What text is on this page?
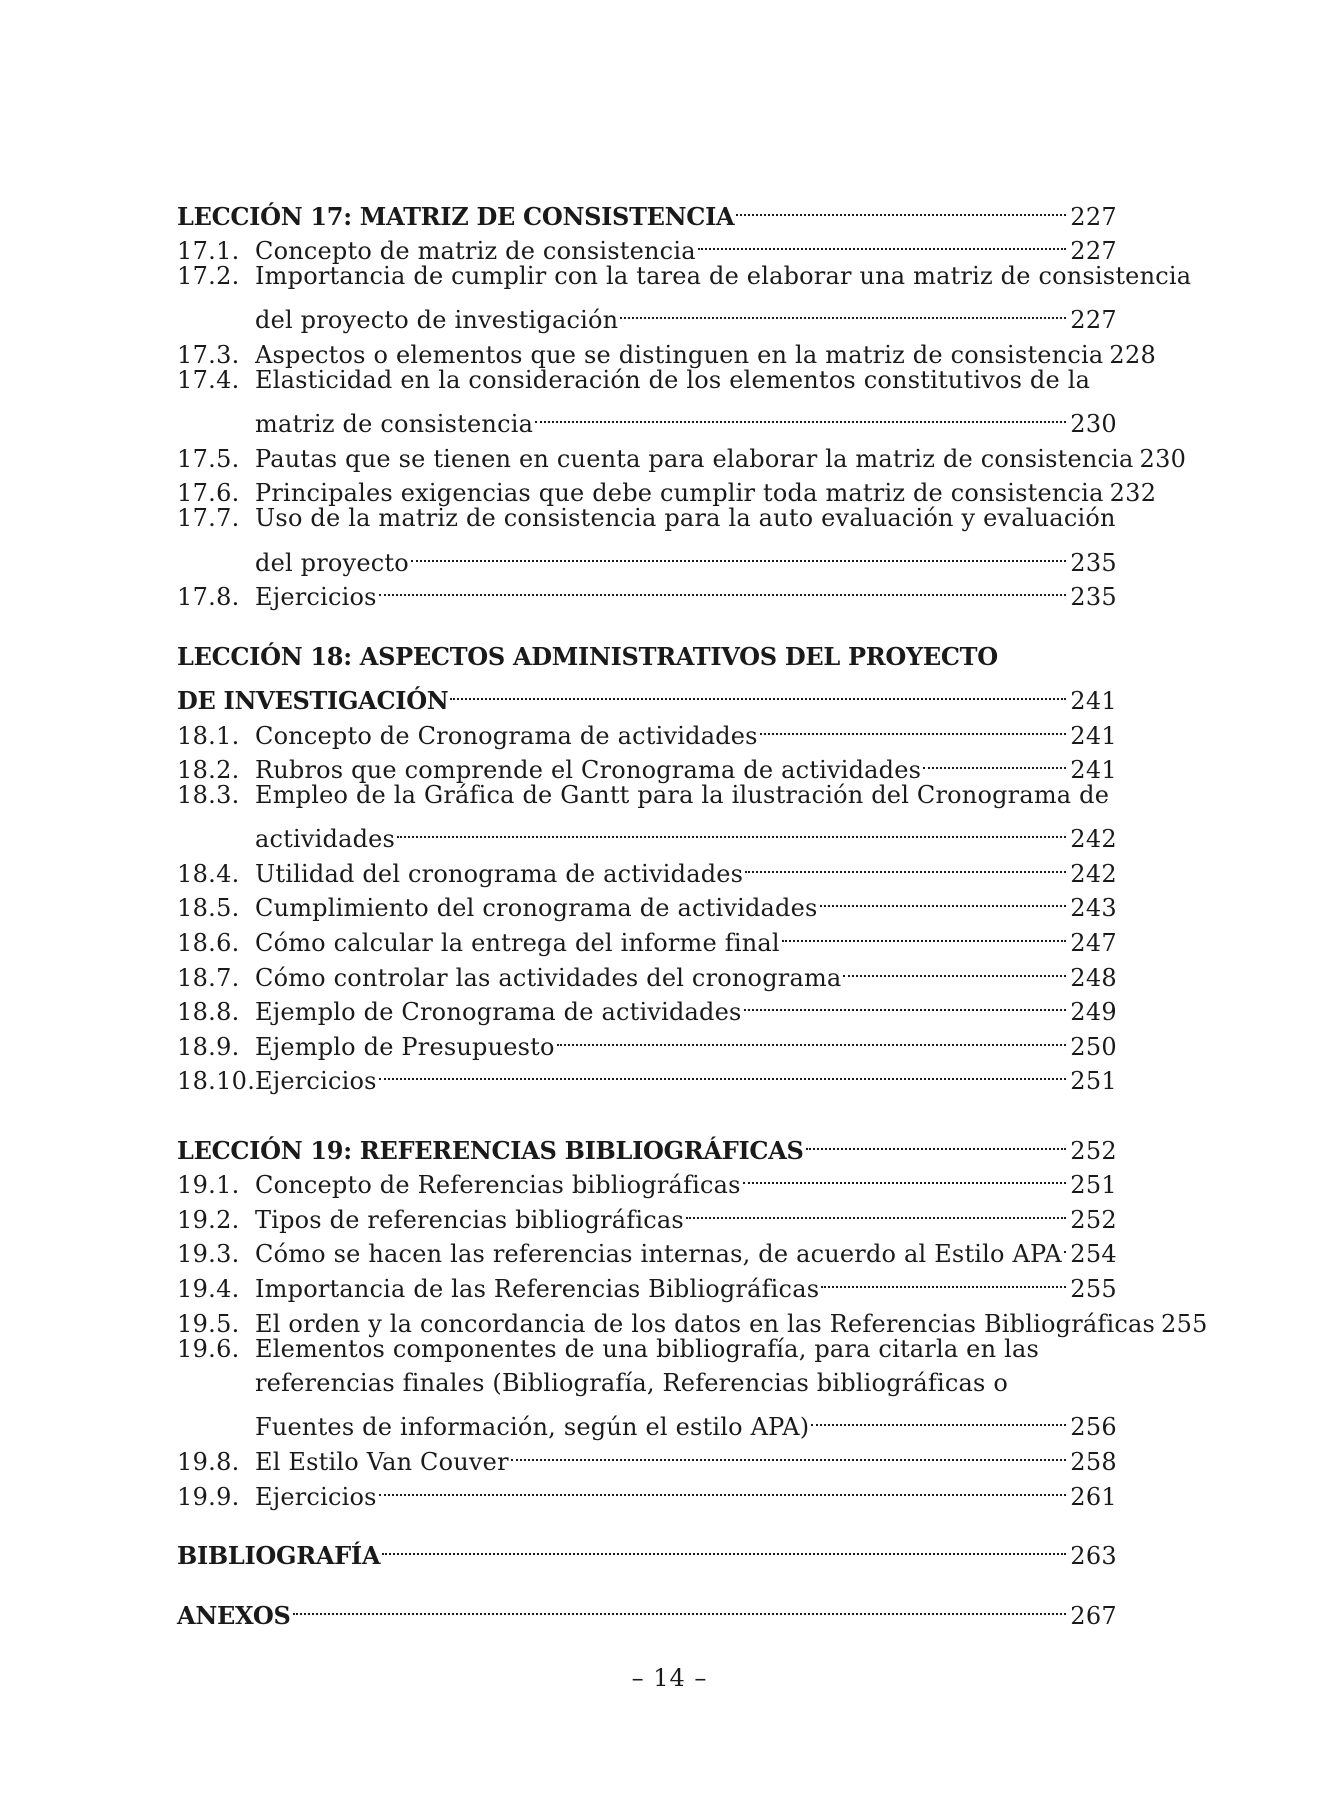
LECCIÓN 17: MATRIZ DE CONSISTENCIA	227
17.1. Concepto de matriz de consistencia	227
17.2. Importancia de cumplir con la tarea de elaborar una matriz de consistencia
del proyecto de investigación	227
17.3. Aspectos o elementos que se distinguen en la matriz de consistencia 228
17.4. Elasticidad en la consideración de los elementos constitutivos de la
matriz de consistencia	230
17.5. Pautas que se tienen en cuenta para elaborar la matriz de consistencia 230
17.6. Principales exigencias que debe cumplir toda matriz de consistencia 232
17.7. Uso de la matriz de consistencia para la auto evaluación y evaluación
del proyecto	235
17.8. Ejercicios	235
LECCIÓN 18: ASPECTOS ADMINISTRATIVOS DEL PROYECTO
DE INVESTIGACIÓN	241
18.1. Concepto de Cronograma de actividades	241
18.2. Rubros que comprende el Cronograma de actividades	241
18.3. Empleo de la Gráfica de Gantt para la ilustración del Cronograma de
actividades	242
18.4. Utilidad del cronograma de actividades	242
18.5. Cumplimiento del cronograma de actividades	243
18.6. Cómo calcular la entrega del informe final	247
18.7. Cómo controlar las actividades del cronograma	248
18.8. Ejemplo de Cronograma de actividades	249
18.9. Ejemplo de Presupuesto	250
18.10. Ejercicios	251
LECCIÓN 19: REFERENCIAS BIBLIOGRÁFICAS	252
19.1. Concepto de Referencias bibliográficas	251
19.2. Tipos de referencias bibliográficas	252
19.3. Cómo se hacen las referencias internas, de acuerdo al Estilo APA 254
19.4. Importancia de las Referencias Bibliográficas	255
19.5. El orden y la concordancia de los datos en las Referencias Bibliográficas 255
19.6. Elementos componentes de una bibliografía, para citarla en las
referencias finales (Bibliografía, Referencias bibliográficas o
Fuentes de información, según el estilo APA)	256
19.8. El Estilo Van Couver	258
19.9. Ejercicios	261
BIBLIOGRAFÍA	263
ANEXOS	267
– 14 –
